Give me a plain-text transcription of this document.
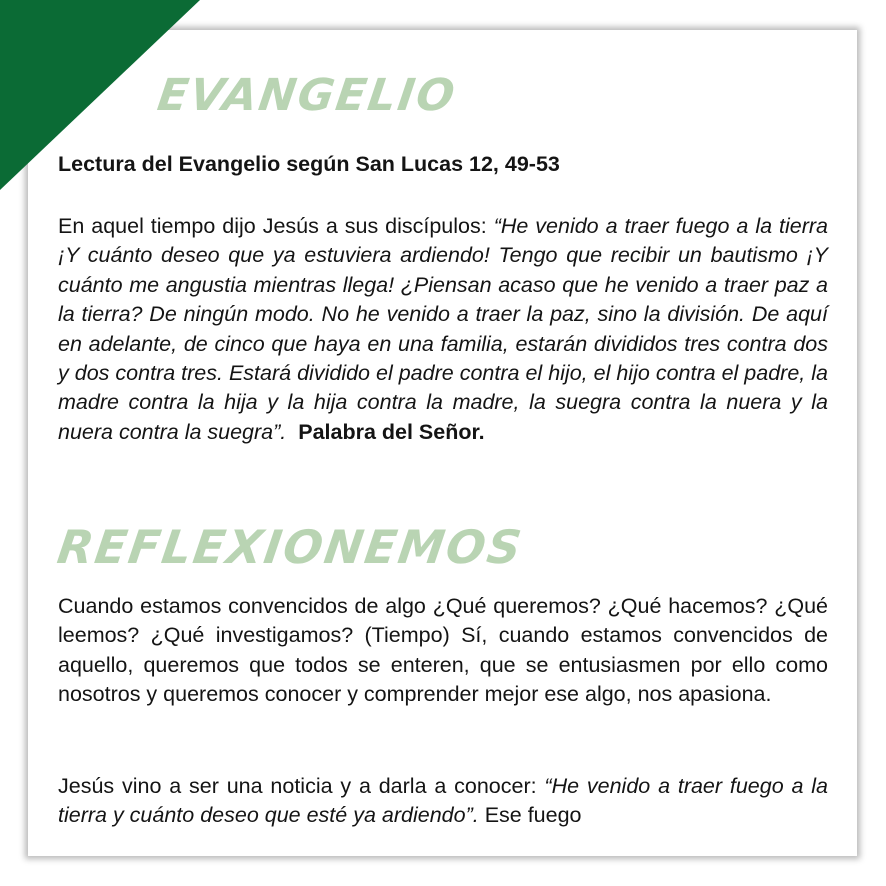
EVANGELIO
Lectura del Evangelio según San Lucas 12, 49-53
En aquel tiempo dijo Jesús a sus discípulos: “He venido a traer fuego a la tierra ¡Y cuánto deseo que ya estuviera ardiendo! Tengo que recibir un bautismo ¡Y cuánto me angustia mientras llega! ¿Piensan acaso que he venido a traer paz a la tierra? De ningún modo. No he venido a traer la paz, sino la división. De aquí en adelante, de cinco que haya en una familia, estarán divididos tres contra dos y dos contra tres. Estará dividido el padre contra el hijo, el hijo contra el padre, la madre contra la hija y la hija contra la madre, la suegra contra la nuera y la nuera contra la suegra”. Palabra del Señor.
REFLEXIONEMOS
Cuando estamos convencidos de algo ¿Qué queremos? ¿Qué hacemos? ¿Qué leemos? ¿Qué investigamos? (Tiempo) Sí, cuando estamos convencidos de aquello, queremos que todos se enteren, que se entusiasmen por ello como nosotros y queremos conocer y comprender mejor ese algo, nos apasiona.
Jesús vino a ser una noticia y a darla a conocer: “He venido a traer fuego a la tierra y cuánto deseo que esté ya ardiendo”. Ese fuego
